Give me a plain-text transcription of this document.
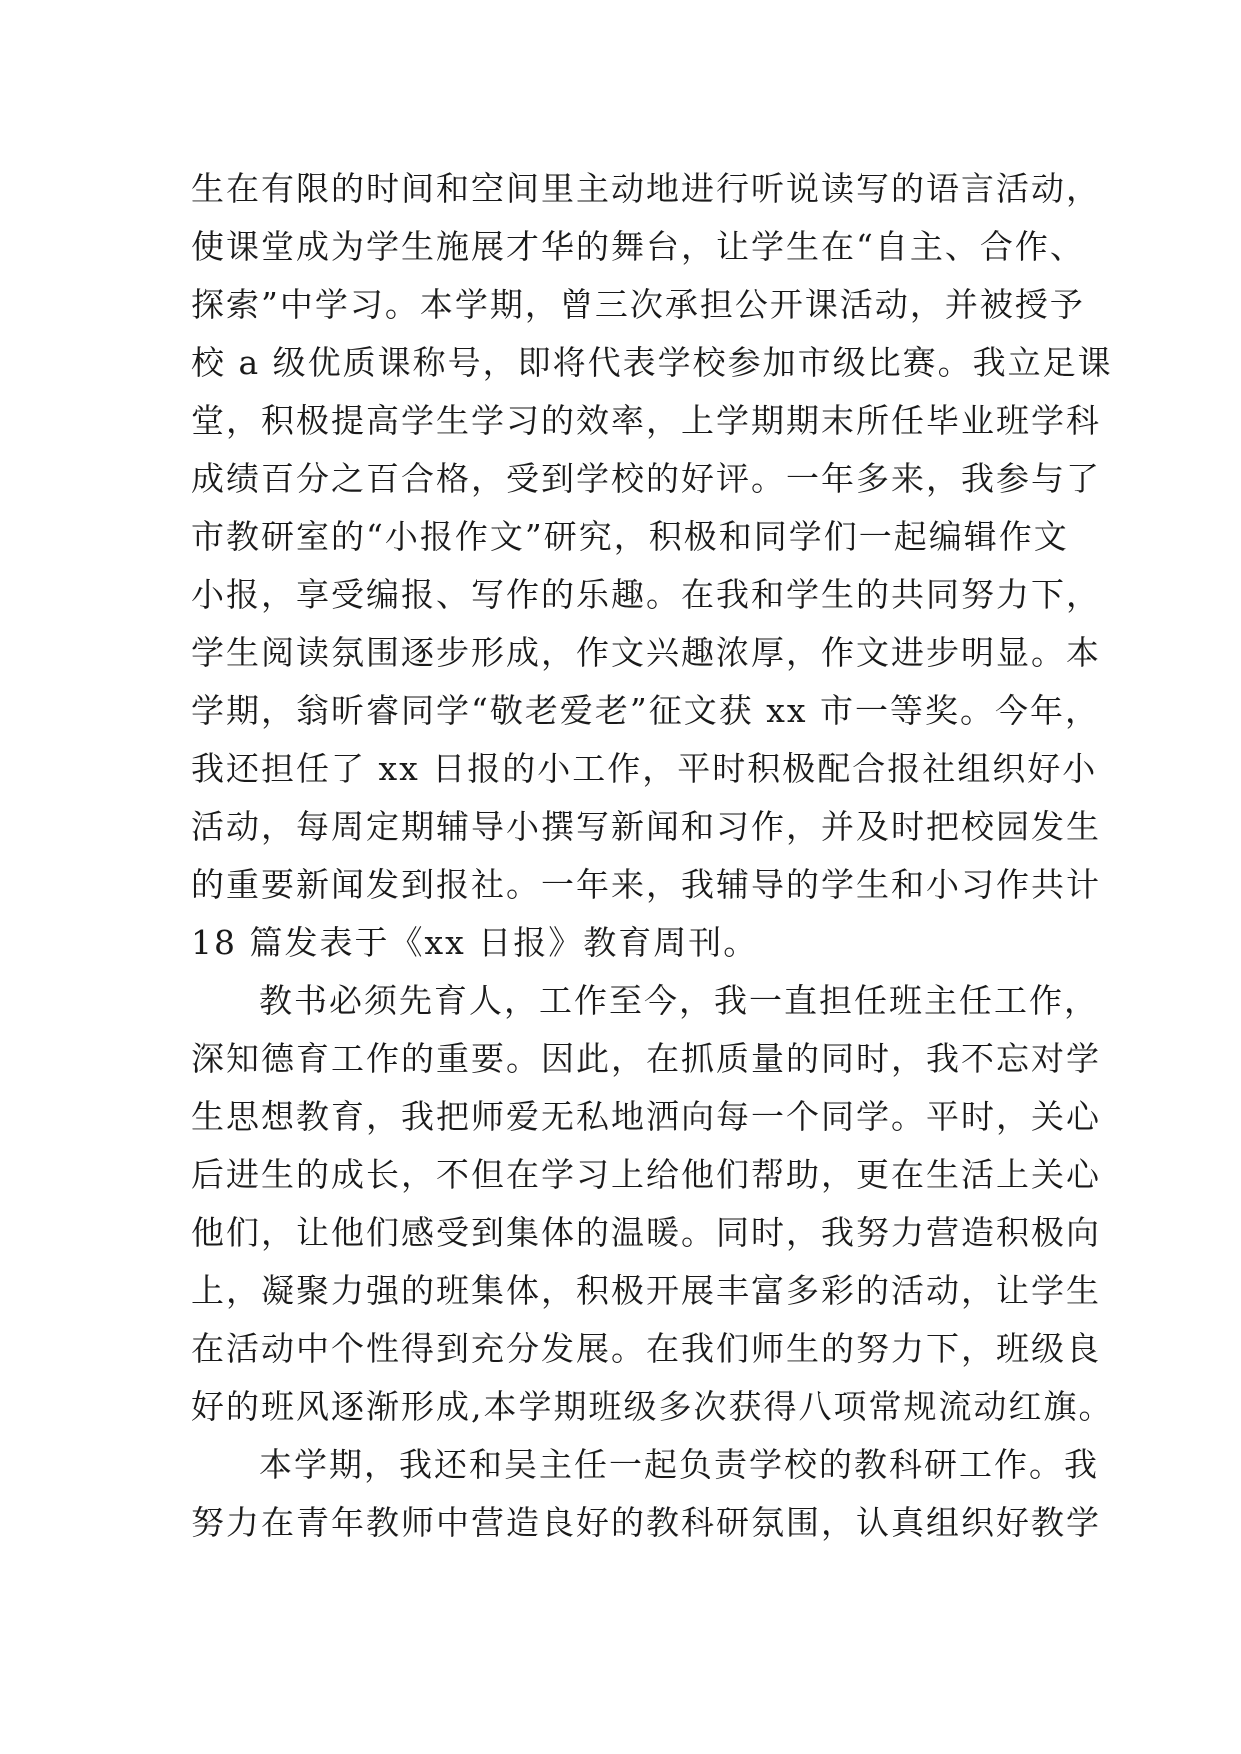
生在有限的时间和空间里主动地进行听说读写的语言活动，
使课堂成为学生施展才华的舞台，让学生在“自主、合作、
探索”中学习。本学期，曾三次承担公开课活动，并被授予
校 a 级优质课称号，即将代表学校参加市级比赛。我立足课
堂，积极提高学生学习的效率，上学期期末所任毕业班学科
成绩百分之百合格，受到学校的好评。一年多来，我参与了
市教研室的“小报作文”研究，积极和同学们一起编辑作文
小报，享受编报、写作的乐趣。在我和学生的共同努力下，
学生阅读氛围逐步形成，作文兴趣浓厚，作文进步明显。本
学期，翁昕睿同学“敬老爱老”征文获 xx 市一等奖。今年，
我还担任了 xx 日报的小工作，平时积极配合报社组织好小
活动，每周定期辅导小撰写新闻和习作，并及时把校园发生
的重要新闻发到报社。一年来，我辅导的学生和小习作共计
18 篇发表于《xx 日报》教育周刊。
教书必须先育人，工作至今，我一直担任班主任工作，
深知德育工作的重要。因此，在抓质量的同时，我不忘对学
生思想教育，我把师爱无私地洒向每一个同学。平时，关心
后进生的成长，不但在学习上给他们帮助，更在生活上关心
他们，让他们感受到集体的温暖。同时，我努力营造积极向
上，凝聚力强的班集体，积极开展丰富多彩的活动，让学生
在活动中个性得到充分发展。在我们师生的努力下，班级良
好的班风逐渐形成,本学期班级多次获得八项常规流动红旗。
本学期，我还和吴主任一起负责学校的教科研工作。我
努力在青年教师中营造良好的教科研氛围，认真组织好教学
